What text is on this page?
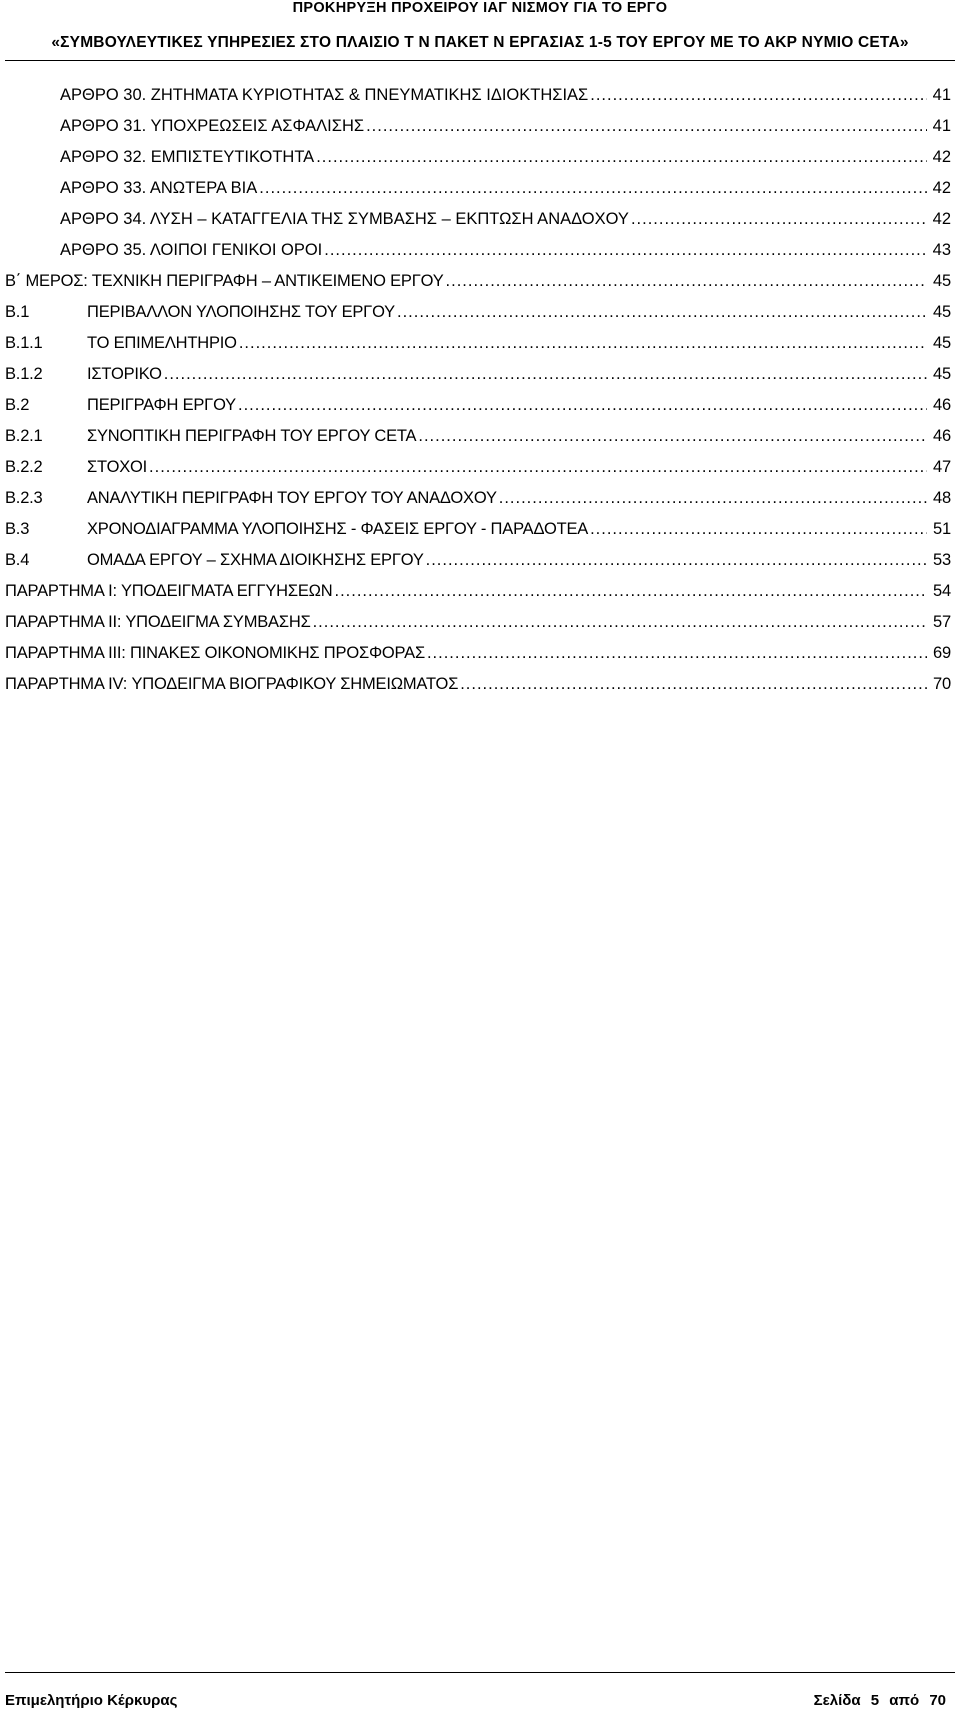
ΠΡΟΚΗΡΥΞΗ ΠΡΟΧΕΙΡΟΥ ΙΑΓ ΝΙΣΜΟΥ ΓΙΑ ΤΟ ΕΡΓΟ
«ΣΥΜΒΟΥΛΕΥΤΙΚΕΣ ΥΠΗΡΕΣΙΕΣ ΣΤΟ ΠΛΑΙΣΙΟ Τ Ν ΠΑΚΕΤ Ν ΕΡΓΑΣΙΑΣ 1-5 ΤΟΥ ΕΡΓΟΥ ΜΕ ΤΟ ΑΚΡ ΝΥΜΙΟ CETA»
ΑΡΘΡΟ 30. ΖΗΤΗΜΑΤΑ ΚΥΡΙΟΤΗΤΑΣ & ΠΝΕΥΜΑΤΙΚΗΣ ΙΔΙΟΚΤΗΣΙΑΣ .....	41
ΑΡΘΡΟ 31. ΥΠΟΧΡΕΩΣΕΙΣ ΑΣΦΑΛΙΣΗΣ .....	41
ΑΡΘΡΟ 32. ΕΜΠΙΣΤΕΥΤΙΚΟΤΗΤΑ .....	42
ΑΡΘΡΟ 33. ΑΝΩΤΕΡΑ ΒΙΑ .....	42
ΑΡΘΡΟ 34. ΛΥΣΗ – ΚΑΤΑΓΓΕΛΙΑ ΤΗΣ ΣΥΜΒΑΣΗΣ – ΕΚΠΤΩΣΗ ΑΝΑΔΟΧΟΥ .....	42
ΑΡΘΡΟ 35. ΛΟΙΠΟΙ ΓΕΝΙΚΟΙ ΟΡΟΙ .....	43
Β΄ ΜΕΡΟΣ: ΤΕΧΝΙΚΗ ΠΕΡΙΓΡΑΦΗ – ΑΝΤΙΚΕΙΜΕΝΟ ΕΡΓΟΥ .....	45
Β.1	ΠΕΡΙΒΑΛΛΟΝ ΥΛΟΠΟΙΗΣΗΣ ΤΟΥ ΕΡΓΟΥ .....	45
Β.1.1	ΤΟ ΕΠΙΜΕΛΗΤΗΡΙΟ .....	45
Β.1.2	ΙΣΤΟΡΙΚΟ .....	45
Β.2	ΠΕΡΙΓΡΑΦΗ ΕΡΓΟΥ .....	46
Β.2.1	ΣΥΝΟΠΤΙΚΗ ΠΕΡΙΓΡΑΦΗ ΤΟΥ ΕΡΓΟΥ CETA .....	46
Β.2.2	ΣΤΟΧΟΙ .....	47
Β.2.3	ΑΝΑΛΥΤΙΚΗ ΠΕΡΙΓΡΑΦΗ ΤΟΥ ΕΡΓΟΥ ΤΟΥ ΑΝΑΔΟΧΟΥ .....	48
Β.3	ΧΡΟΝΟΔΙΑΓΡΑΜΜΑ ΥΛΟΠΟΙΗΣΗΣ - ΦΑΣΕΙΣ ΕΡΓΟΥ - ΠΑΡΑΔΟΤΕΑ .....	51
Β.4	ΟΜΑΔΑ ΕΡΓΟΥ – ΣΧΗΜΑ ΔΙΟΙΚΗΣΗΣ ΕΡΓΟΥ .....	53
ΠΑΡΑΡΤΗΜΑ Ι: ΥΠΟΔΕΙΓΜΑΤΑ ΕΓΓΥΗΣΕΩΝ .....	54
ΠΑΡΑΡΤΗΜΑ ΙΙ: ΥΠΟΔΕΙΓΜΑ ΣΥΜΒΑΣΗΣ .....	57
ΠΑΡΑΡΤΗΜΑ ΙΙΙ: ΠΙΝΑΚΕΣ ΟΙΚΟΝΟΜΙΚΗΣ ΠΡΟΣΦΟΡΑΣ .....	69
ΠΑΡΑΡΤΗΜΑ IV: ΥΠΟΔΕΙΓΜΑ ΒΙΟΓΡΑΦΙΚΟΥ ΣΗΜΕΙΩΜΑΤΟΣ .....	70
Επιμελητήριο Κέρκυρας	Σελίδα 5 από 70
